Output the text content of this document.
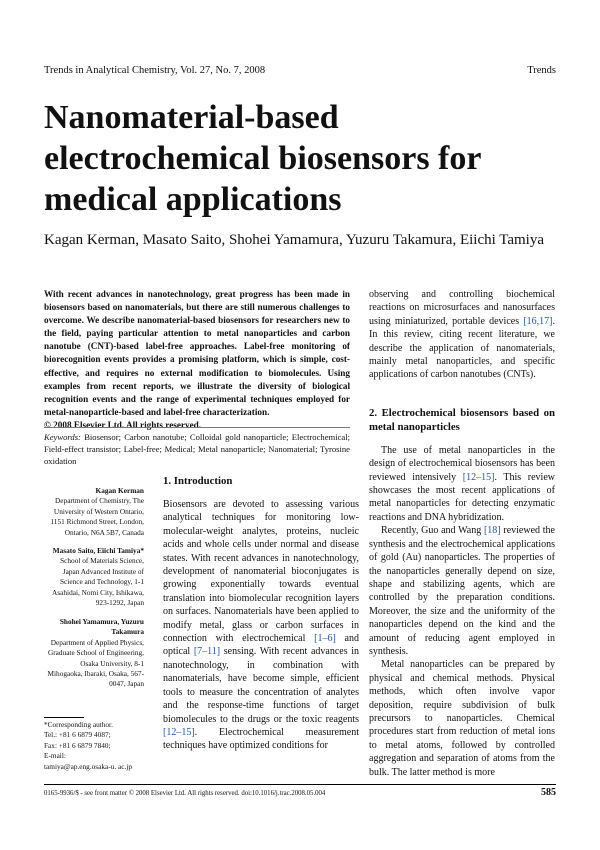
Trends in Analytical Chemistry, Vol. 27, No. 7, 2008	Trends
Nanomaterial-based electrochemical biosensors for medical applications
Kagan Kerman, Masato Saito, Shohei Yamamura, Yuzuru Takamura, Eiichi Tamiya
With recent advances in nanotechnology, great progress has been made in biosensors based on nanomaterials, but there are still numerous challenges to overcome. We describe nanomaterial-based biosensors for researchers new to the field, paying particular attention to metal nanoparticles and carbon nanotube (CNT)-based label-free approaches. Label-free monitoring of biorecognition events provides a promising platform, which is simple, cost-effective, and requires no external modification to biomolecules. Using examples from recent reports, we illustrate the diversity of biological recognition events and the range of experimental techniques employed for metal-nanoparticle-based and label-free characterization.
© 2008 Elsevier Ltd. All rights reserved.
Keywords: Biosensor; Carbon nanotube; Colloidal gold nanoparticle; Electrochemical; Field-effect transistor; Label-free; Medical; Metal nanoparticle; Nanomaterial; Tyrosine oxidation
Kagan Kerman
Department of Chemistry, The University of Western Ontario, 1151 Richmond Street, London, Ontario, N6A 5B7, Canada
Masato Saito, Eiichi Tamiya*
School of Materials Science, Japan Advanced Institute of Science and Technology, 1-1 Asahidai, Nomi City, Ishikawa, 923-1292, Japan
Shohei Yamamura, Yuzuru Takamura
Department of Applied Physics, Graduate School of Engineering, Osaka University, 8-1 Mihogaoka, Ibaraki, Osaka, 567-0047, Japan
*Corresponding author.
Tel.: +81 6 6879 4087;
Fax: +81 6 6879 7840;
E-mail:
tamiya@ap.eng.osaka-u. ac.jp
1. Introduction

Biosensors are devoted to assessing various analytical techniques for monitoring low-molecular-weight analytes, proteins, nucleic acids and whole cells under normal and disease states. With recent advances in nanotechnology, development of nanomaterial bioconjugates is growing exponentially towards eventual translation into biomolecular recognition layers on surfaces. Nanomaterials have been applied to modify metal, glass or carbon surfaces in connection with electrochemical [1–6] and optical [7–11] sensing. With recent advances in nanotechnology, in combination with nanomaterials, have become simple, efficient tools to measure the concentration of analytes and the response-time functions of target biomolecules to the drugs or the toxic reagents [12–15]. Electrochemical measurement techniques have optimized conditions for

observing and controlling biochemical reactions on microsurfaces and nanosurfaces using miniaturized, portable devices [16,17]. In this review, citing recent literature, we describe the application of nanomaterials, mainly metal nanoparticles, and specific applications of carbon nanotubes (CNTs).

2. Electrochemical biosensors based on metal nanoparticles

The use of metal nanoparticles in the design of electrochemical biosensors has been reviewed intensively [12–15]. This review showcases the most recent applications of metal nanoparticles for detecting enzymatic reactions and DNA hybridization.

Recently, Guo and Wang [18] reviewed the synthesis and the electrochemical applications of gold (Au) nanoparticles. The properties of the nanoparticles generally depend on size, shape and stabilizing agents, which are controlled by the preparation conditions. Moreover, the size and the uniformity of the nanoparticles depend on the kind and the amount of reducing agent employed in synthesis.

Metal nanoparticles can be prepared by physical and chemical methods. Physical methods, which often involve vapor deposition, require subdivision of bulk precursors to nanoparticles. Chemical procedures start from reduction of metal ions to metal atoms, followed by controlled aggregation and separation of atoms from the bulk. The latter method is more

0165-9936/$ - see front matter © 2008 Elsevier Ltd. All rights reserved. doi:10.1016/j.trac.2008.05.004	585
